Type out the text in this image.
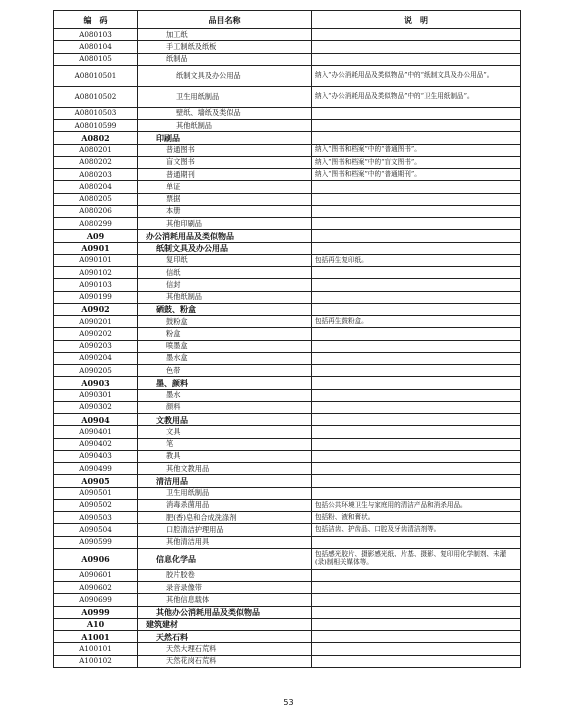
编　码	品目名称	说　明
A080103	加工纸	
A080104	手工制纸及纸板	
A080105	纸制品	
A08010501	纸制文具及办公用品	纳入“办公消耗用品及类似物品”中的“纸制文具及办公用品”。
A08010502	卫生用纸制品	纳入“办公消耗用品及类似物品”中的“卫生用纸制品”。
A08010503	壁纸、墙纸及类似品	
A08010599	其他纸制品	
A0802	印刷品	
A080201	普通图书	纳入“图书和档案”中的“普通图书”。
A080202	盲文图书	纳入“图书和档案”中的“盲文图书”。
A080203	普通期刊	纳入“图书和档案”中的“普通期刊”。
A080204	单证	
A080205	票据	
A080206	本册	
A080299	其他印刷品	
A09	办公消耗用品及类似物品	
A0901	纸制文具及办公用品	
A090101	复印纸	包括再生复印纸。
A090102	信纸	
A090103	信封	
A090199	其他纸制品	
A0902	硒鼓、粉盒	
A090201	鼓粉盒	包括再生鼓粉盒。
A090202	粉盒	
A090203	喷墨盒	
A090204	墨水盒	
A090205	色带	
A0903	墨、颜料	
A090301	墨水	
A090302	颜料	
A0904	文教用品	
A090401	文具	
A090402	笔	
A090403	教具	
A090499	其他文教用品	
A0905	清洁用品	
A090501	卫生用纸制品	
A090502	消毒杀菌用品	包括公共环境卫生与家庭用的清洁产品和消杀用品。
A090503	肥(香)皂和合成洗涤剂	包括粉、液和膏状。
A090504	口腔清洁护理用品	包括洁齿、护齿品、口腔及牙齿清洁剂等。
A090599	其他清洁用具	
A0906	信息化学品	包括感光胶片、摄影感光纸、片基、摄影、复印用化学制剂、未灌(录)制相关媒体等。
A090601	胶片胶卷	
A090602	录音录像带	
A090699	其他信息载体	
A0999	其他办公消耗用品及类似物品	
A10	建筑建材	
A1001	天然石料	
A100101	天然大理石荒料	
A100102	天然花岗石荒料	
53
